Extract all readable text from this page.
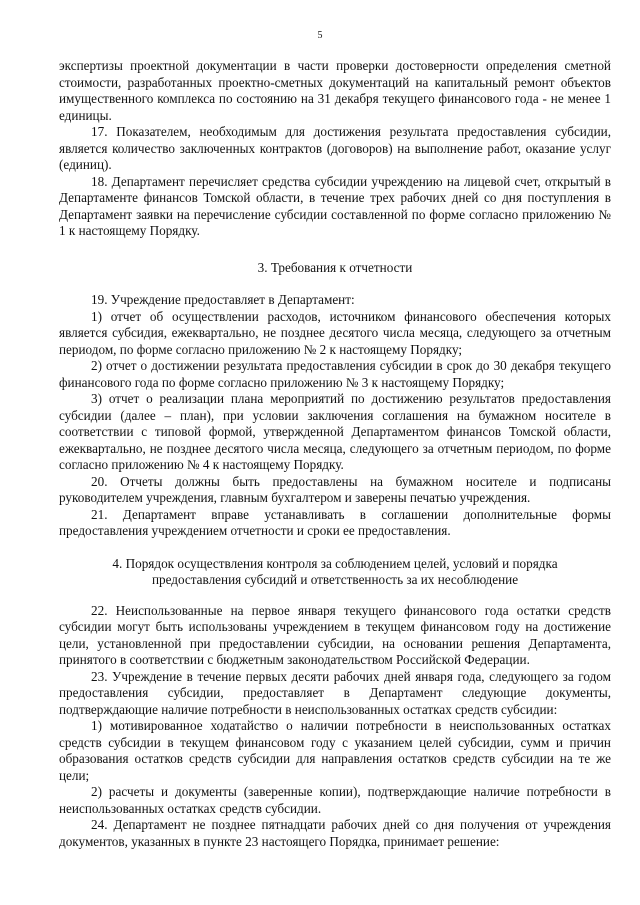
5

экспертизы проектной документации в части проверки достоверности определения сметной стоимости, разработанных проектно-сметных документаций на капитальный ремонт объектов имущественного комплекса по состоянию на 31 декабря текущего финансового года - не менее 1 единицы.

17. Показателем, необходимым для достижения результата предоставления субсидии, является количество заключенных контрактов (договоров) на выполнение работ, оказание услуг (единиц).

18. Департамент перечисляет средства субсидии учреждению на лицевой счет, открытый в Департаменте финансов Томской области, в течение трех рабочих дней со дня поступления в Департамент заявки на перечисление субсидии составленной по форме согласно приложению № 1 к настоящему Порядку.

3. Требования к отчетности

19. Учреждение предоставляет в Департамент:

1) отчет об осуществлении расходов, источником финансового обеспечения которых является субсидия, ежеквартально, не позднее десятого числа месяца, следующего за отчетным периодом, по форме согласно приложению № 2 к настоящему Порядку;

2) отчет о достижении результата предоставления субсидии в срок до 30 декабря текущего финансового года по форме согласно приложению № 3 к настоящему Порядку;

3) отчет о реализации плана мероприятий по достижению результатов предоставления субсидии (далее – план), при условии заключения соглашения на бумажном носителе в соответствии с типовой формой, утвержденной Департаментом финансов Томской области, ежеквартально, не позднее десятого числа месяца, следующего за отчетным периодом, по форме согласно приложению № 4 к настоящему Порядку.

20. Отчеты должны быть предоставлены на бумажном носителе и подписаны руководителем учреждения, главным бухгалтером и заверены печатью учреждения.

21. Департамент вправе устанавливать в соглашении дополнительные формы предоставления учреждением отчетности и сроки ее предоставления.

4. Порядок осуществления контроля за соблюдением целей, условий и порядка

предоставления субсидий и ответственность за их несоблюдение

22. Неиспользованные на первое января текущего финансового года остатки средств субсидии могут быть использованы учреждением в текущем финансовом году на достижение цели, установленной при предоставлении субсидии, на основании решения Департамента, принятого в соответствии с бюджетным законодательством Российской Федерации.

23. Учреждение в течение первых десяти рабочих дней января года, следующего за годом предоставления субсидии, предоставляет в Департамент следующие документы, подтверждающие наличие потребности в неиспользованных остатках средств субсидии:

1) мотивированное ходатайство о наличии потребности в неиспользованных остатках средств субсидии в текущем финансовом году с указанием целей субсидии, сумм и причин образования остатков средств субсидии для направления остатков средств субсидии на те же цели;

2) расчеты и документы (заверенные копии), подтверждающие наличие потребности в неиспользованных остатках средств субсидии.

24. Департамент не позднее пятнадцати рабочих дней со дня получения от учреждения документов, указанных в пункте 23 настоящего Порядка, принимает решение:
